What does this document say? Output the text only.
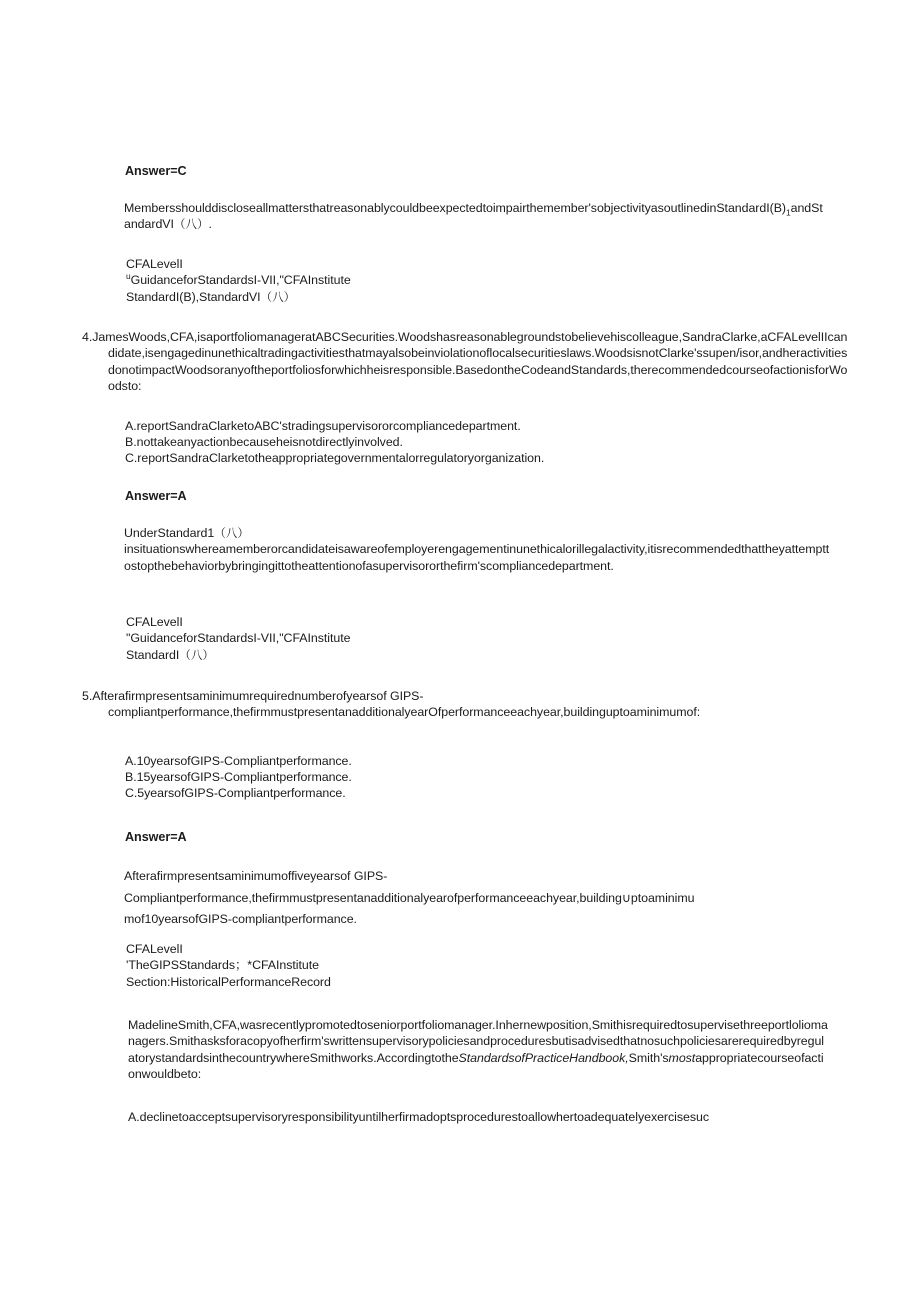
Answer=C
$Membersshoulddiscloseallmattersthatreasonablycouldbeexpectedtoimpairthemember'sobjectivityasoutlinedinStandardI(B)_1andSt$andardVI（八）.
CFALevelI
$^u$GuidanceforStandardsI-VII,"CFAInstitute
StandardI(B),StandardVI（八）
4.JamesWoods,CFA,isaportfoliomanageratABCSecurities.Woodshasreasonablegroundstobelievehiscolleague,SandraClarke,aCFALevelIIcandidate,isengagedinunethicaltradingactivitiesthatmayalsobeinviolationoflocalsecuritieslaws.WoodsisnotClarke'ssupen/isor,andheractivitiesdonotimpactWoodsoranyoftheportfoliosforwhichheisresponsible.BasedontheCodeandStandards,therecommendedcourseofactionisforWoodsto:
A.reportSandraClarketoABC'stradingsupervisororcompliancedepartment.
B.nottakeanyactionbecauseheisnotdirectlyinvolved.
C.reportSandraClarketotheappropriategovernmentalorregulatoryorganization.
Answer=A
UnderStandard1（八）
insituationswhereamemberorcandidateisawareofemployerengagementinunethicalorillegalactivity,itisrecommendedthattheyattempttostopthebehaviorbybringingittotheattentionofasupervisororthefirm'scompliancedepartment.
CFALevelI
"GuidanceforStandardsI-VII,"CFAInstitute
StandardI（八）
5.Afterafirmpresentsaminimumrequirednumberofyearsof GIPS-compliantperformance,thefirmmustpresentanadditionalyearOfperformanceeachyear,buildinguptoaminimumof:
A.10yearsofGIPS-Compliantperformance.
B.15yearsofGIPS-Compliantperformance.
C.5yearsofGIPS-Compliantperformance.
Answer=A
Afterafirmpresentsaminimumoffiveyearsof GIPS-
Compliantperformance,thefirmmustpresentanadditionalyearofperformanceeachyear,building∪ptoaminimu
mof10yearsofGIPS-compliantperformance.
CFALevelI
'TheGIPSStandards；*CFAInstitute
Section:HistoricalPerformanceRecord
MadelineSmith,CFA,wasrecentlypromotedtoseniorportfoliomanager.Inhernewposition,Smithisrequiredtosupervisethreeportloliomanagers.Smithasksforacopyofherfirm'swrittensupervisorypoliciesandproceduresbutisadvisedthatnosuchpoliciesarerequiredbyregulatorystandardsinthecountrywhereSmithworks.AccordingtotheStandardsofPracticeHandbook,Smith'smostappropriatecourseofactionwouldbeto:
A.declinetoacceptsupervisoryresponsibilityuntilherfirmadoptsprocedurestoallowhertoadequatelyexercisesuc
